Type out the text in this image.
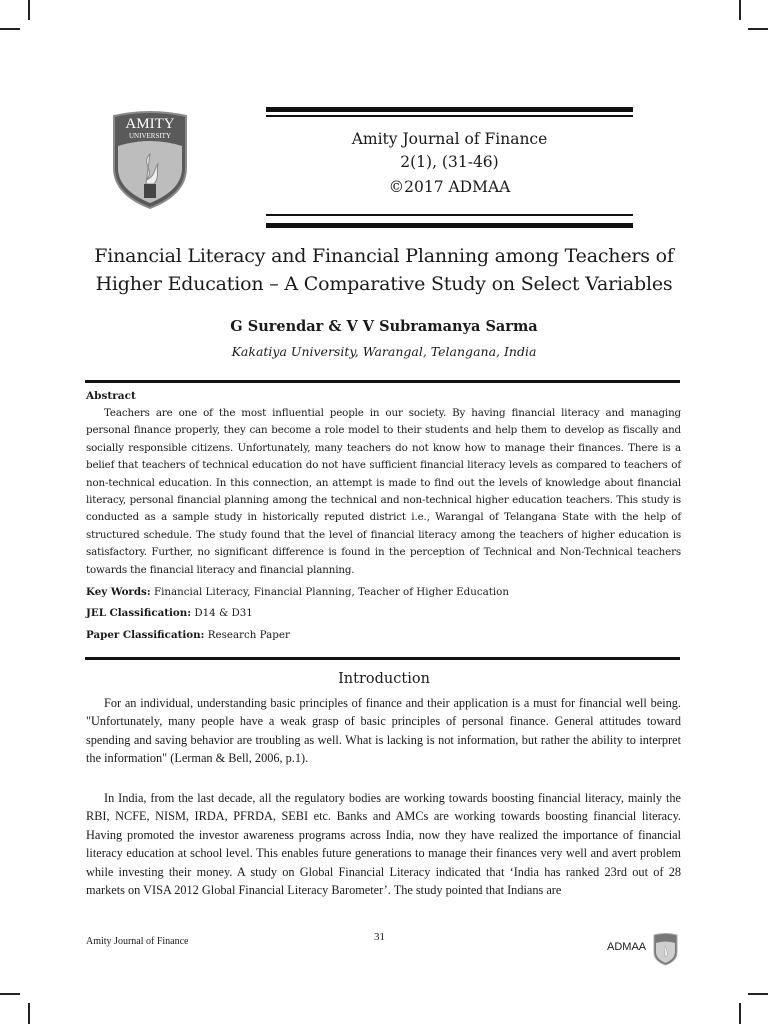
AMITY
UNIVERSITY	Amity Journal of Finance
2(1), (31-46)
©2017 ADMAA
Financial Literacy and Financial Planning among Teachers of
Higher Education – A Comparative Study on Select Variables
G Surendar & V V Subramanya Sarma
Kakatiya University, Warangal, Telangana, India
Abstract
Teachers are one of the most influential people in our society. By having financial literacy and managing personal finance properly, they can become a role model to their students and help them to develop as fiscally and socially responsible citizens. Unfortunately, many teachers do not know how to manage their finances. There is a belief that teachers of technical education do not have sufficient financial literacy levels as compared to teachers of non-technical education. In this connection, an attempt is made to find out the levels of knowledge about financial literacy, personal financial planning among the technical and non-technical higher education teachers. This study is conducted as a sample study in historically reputed district i.e., Warangal of Telangana State with the help of structured schedule. The study found that the level of financial literacy among the teachers of higher education is satisfactory. Further, no significant difference is found in the perception of Technical and Non-Technical teachers towards the financial literacy and financial planning.
Key Words: Financial Literacy, Financial Planning, Teacher of Higher Education
JEL Classification: D14 & D31
Paper Classification: Research Paper
Introduction
For an individual, understanding basic principles of finance and their application is a must for financial well being. "Unfortunately, many people have a weak grasp of basic principles of personal finance. General attitudes toward spending and saving behavior are troubling as well. What is lacking is not information, but rather the ability to interpret the information" (Lerman & Bell, 2006, p.1).
In India, from the last decade, all the regulatory bodies are working towards boosting financial literacy, mainly the RBI, NCFE, NISM, IRDA, PFRDA, SEBI etc. Banks and AMCs are working towards boosting financial literacy. Having promoted the investor awareness programs across India, now they have realized the importance of financial literacy education at school level. This enables future generations to manage their finances very well and avert problem while investing their money. A study on Global Financial Literacy indicated that ‘India has ranked 23rd out of 28 markets on VISA 2012 Global Financial Literacy Barometer’. The study pointed that Indians are
Amity Journal of Finance	31
ADMAA
